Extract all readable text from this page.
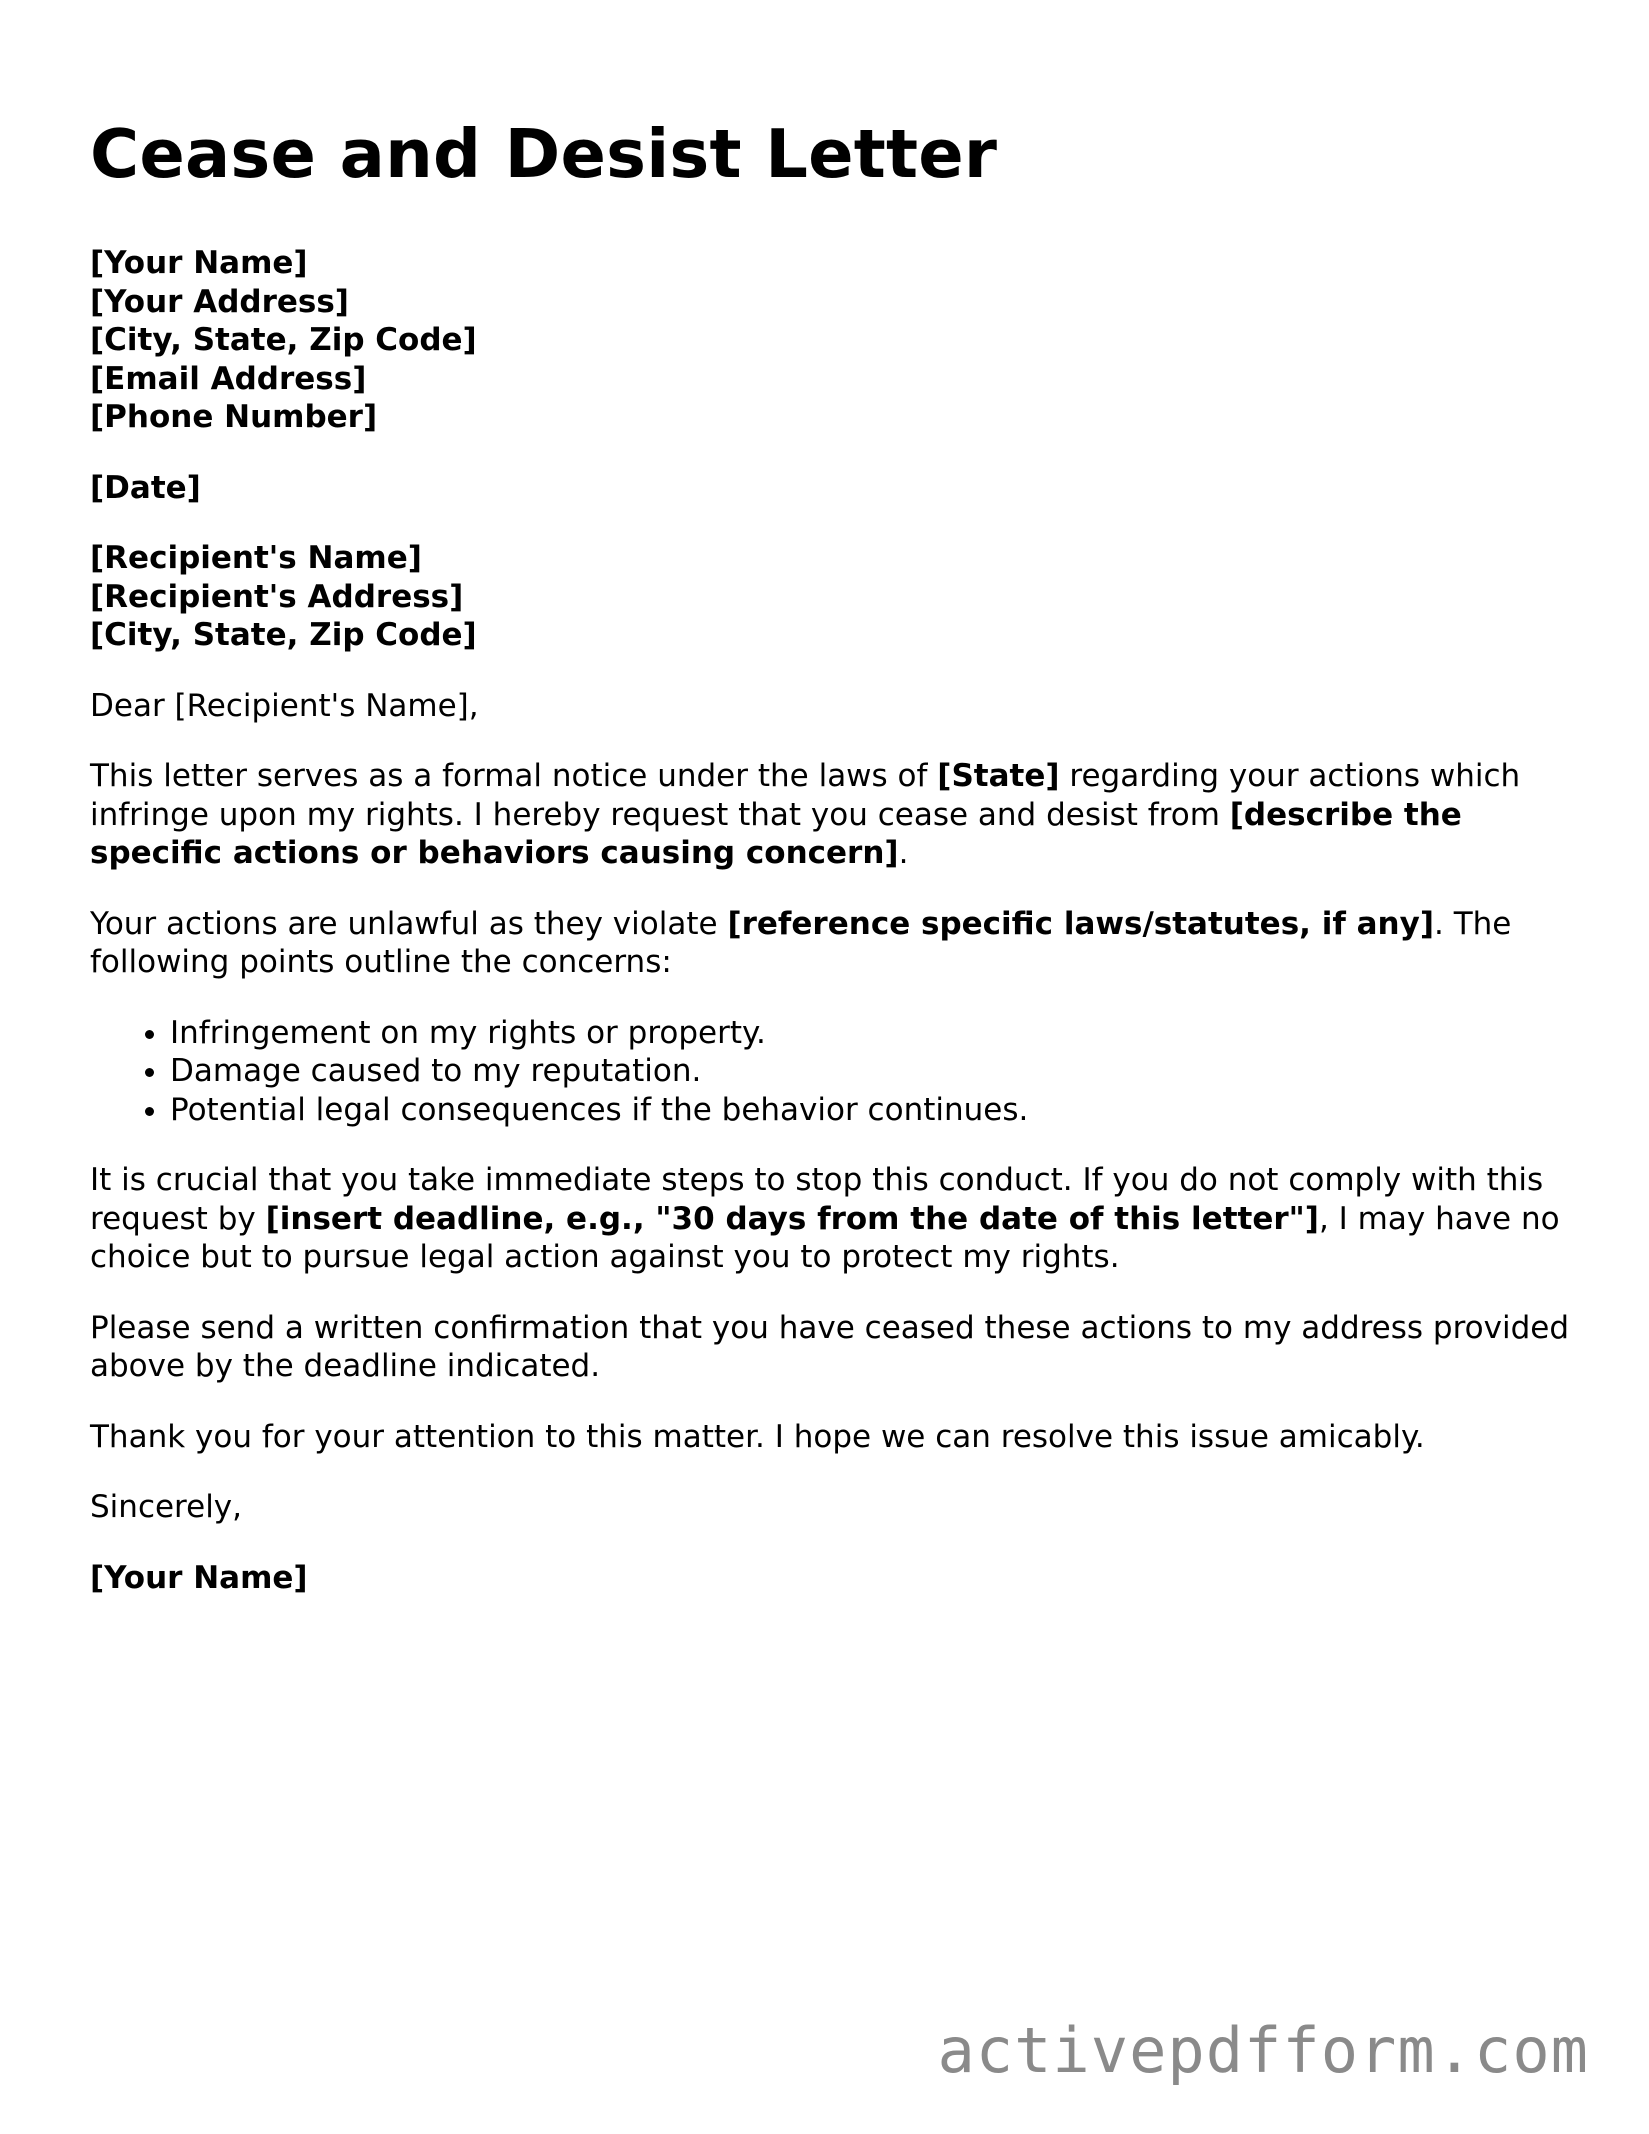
Cease and Desist Letter
[Your Name]
[Your Address]
[City, State, Zip Code]
[Email Address]
[Phone Number]
[Date]
[Recipient's Name]
[Recipient's Address]
[City, State, Zip Code]

Dear [Recipient's Name],

This letter serves as a formal notice under the laws of [State] regarding your actions which infringe upon my rights. I hereby request that you cease and desist from [describe the specific actions or behaviors causing concern].

Your actions are unlawful as they violate [reference specific laws/statutes, if any]. The following points outline the concerns:

• Infringement on my rights or property.
• Damage caused to my reputation.
• Potential legal consequences if the behavior continues.

It is crucial that you take immediate steps to stop this conduct. If you do not comply with this request by [insert deadline, e.g., "30 days from the date of this letter"], I may have no choice but to pursue legal action against you to protect my rights.

Please send a written confirmation that you have ceased these actions to my address provided above by the deadline indicated.

Thank you for your attention to this matter. I hope we can resolve this issue amicably.

Sincerely,

[Your Name]
activepdfform.com
